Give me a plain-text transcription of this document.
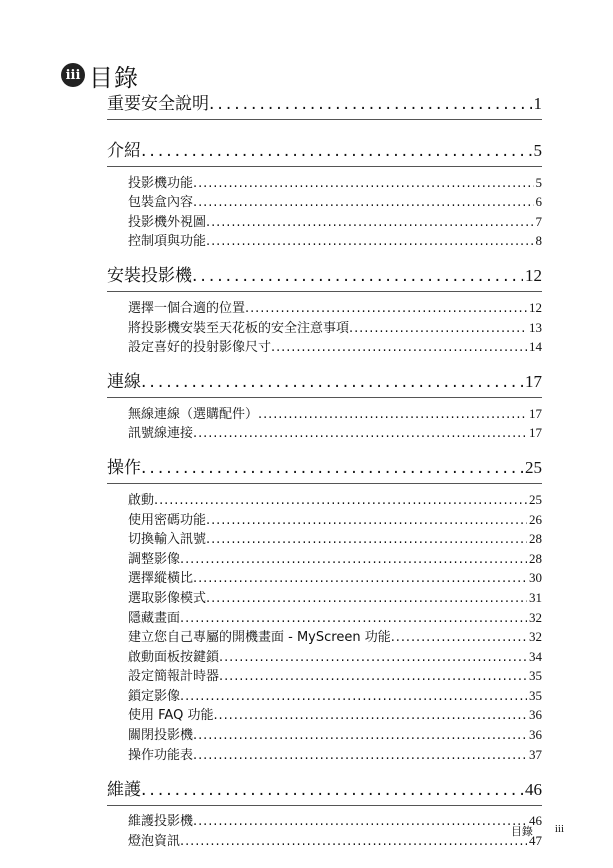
iii 目錄
重要安全說明 . . .	1
介紹 . . .	5
投影機功能 . . .	5
包裝盒內容 . . .	6
投影機外視圖 . . .	7
控制項與功能 . . .	8
安裝投影機 . . .	12
選擇一個合適的位置 . . .	12
將投影機安裝至天花板的安全注意事項 . . .	13
設定喜好的投射影像尺寸 . . .	14
連線 . . .	17
無線連線（選購配件） . . .	17
訊號線連接 . . .	17
操作 . . .	25
啟動 . . .	25
使用密碼功能 . . .	26
切換輸入訊號 . . .	28
調整影像 . . .	28
選擇縱橫比 . . .	30
選取影像模式 . . .	31
隱藏畫面 . . .	32
建立您自己專屬的開機畫面 - MyScreen 功能 . . .	32
啟動面板按鍵鎖 . . .	34
設定簡報計時器 . . .	35
鎖定影像 . . .	35
使用 FAQ 功能 . . .	36
關閉投影機 . . .	36
操作功能表 . . .	37
維護 . . .	46
維護投影機 . . .	46
燈泡資訊 . . .	47
目錄 iii
